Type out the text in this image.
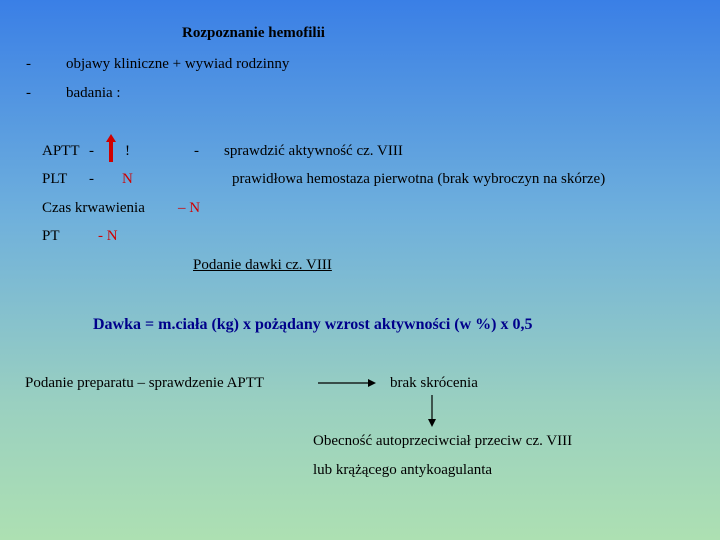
Rozpoznanie hemofilii
- objawy kliniczne + wywiad rodzinny
- badania :
APTT - !	- sprawdzić aktywność cz. VIII
PLT - N	prawidłowa hemostaza pierwotna (brak wybroczyn na skórze)
Czas krwawienia – N
PT	- N
Podanie dawki cz. VIII
Dawka = m.ciała (kg) x pożądany wzrost aktywności (w %) x 0,5
Podanie preparatu – sprawdzenie APTT	brak skrócenia
Obecność autoprzeciwciał przeciw cz. VIII
lub krążącego antykoagulanta
